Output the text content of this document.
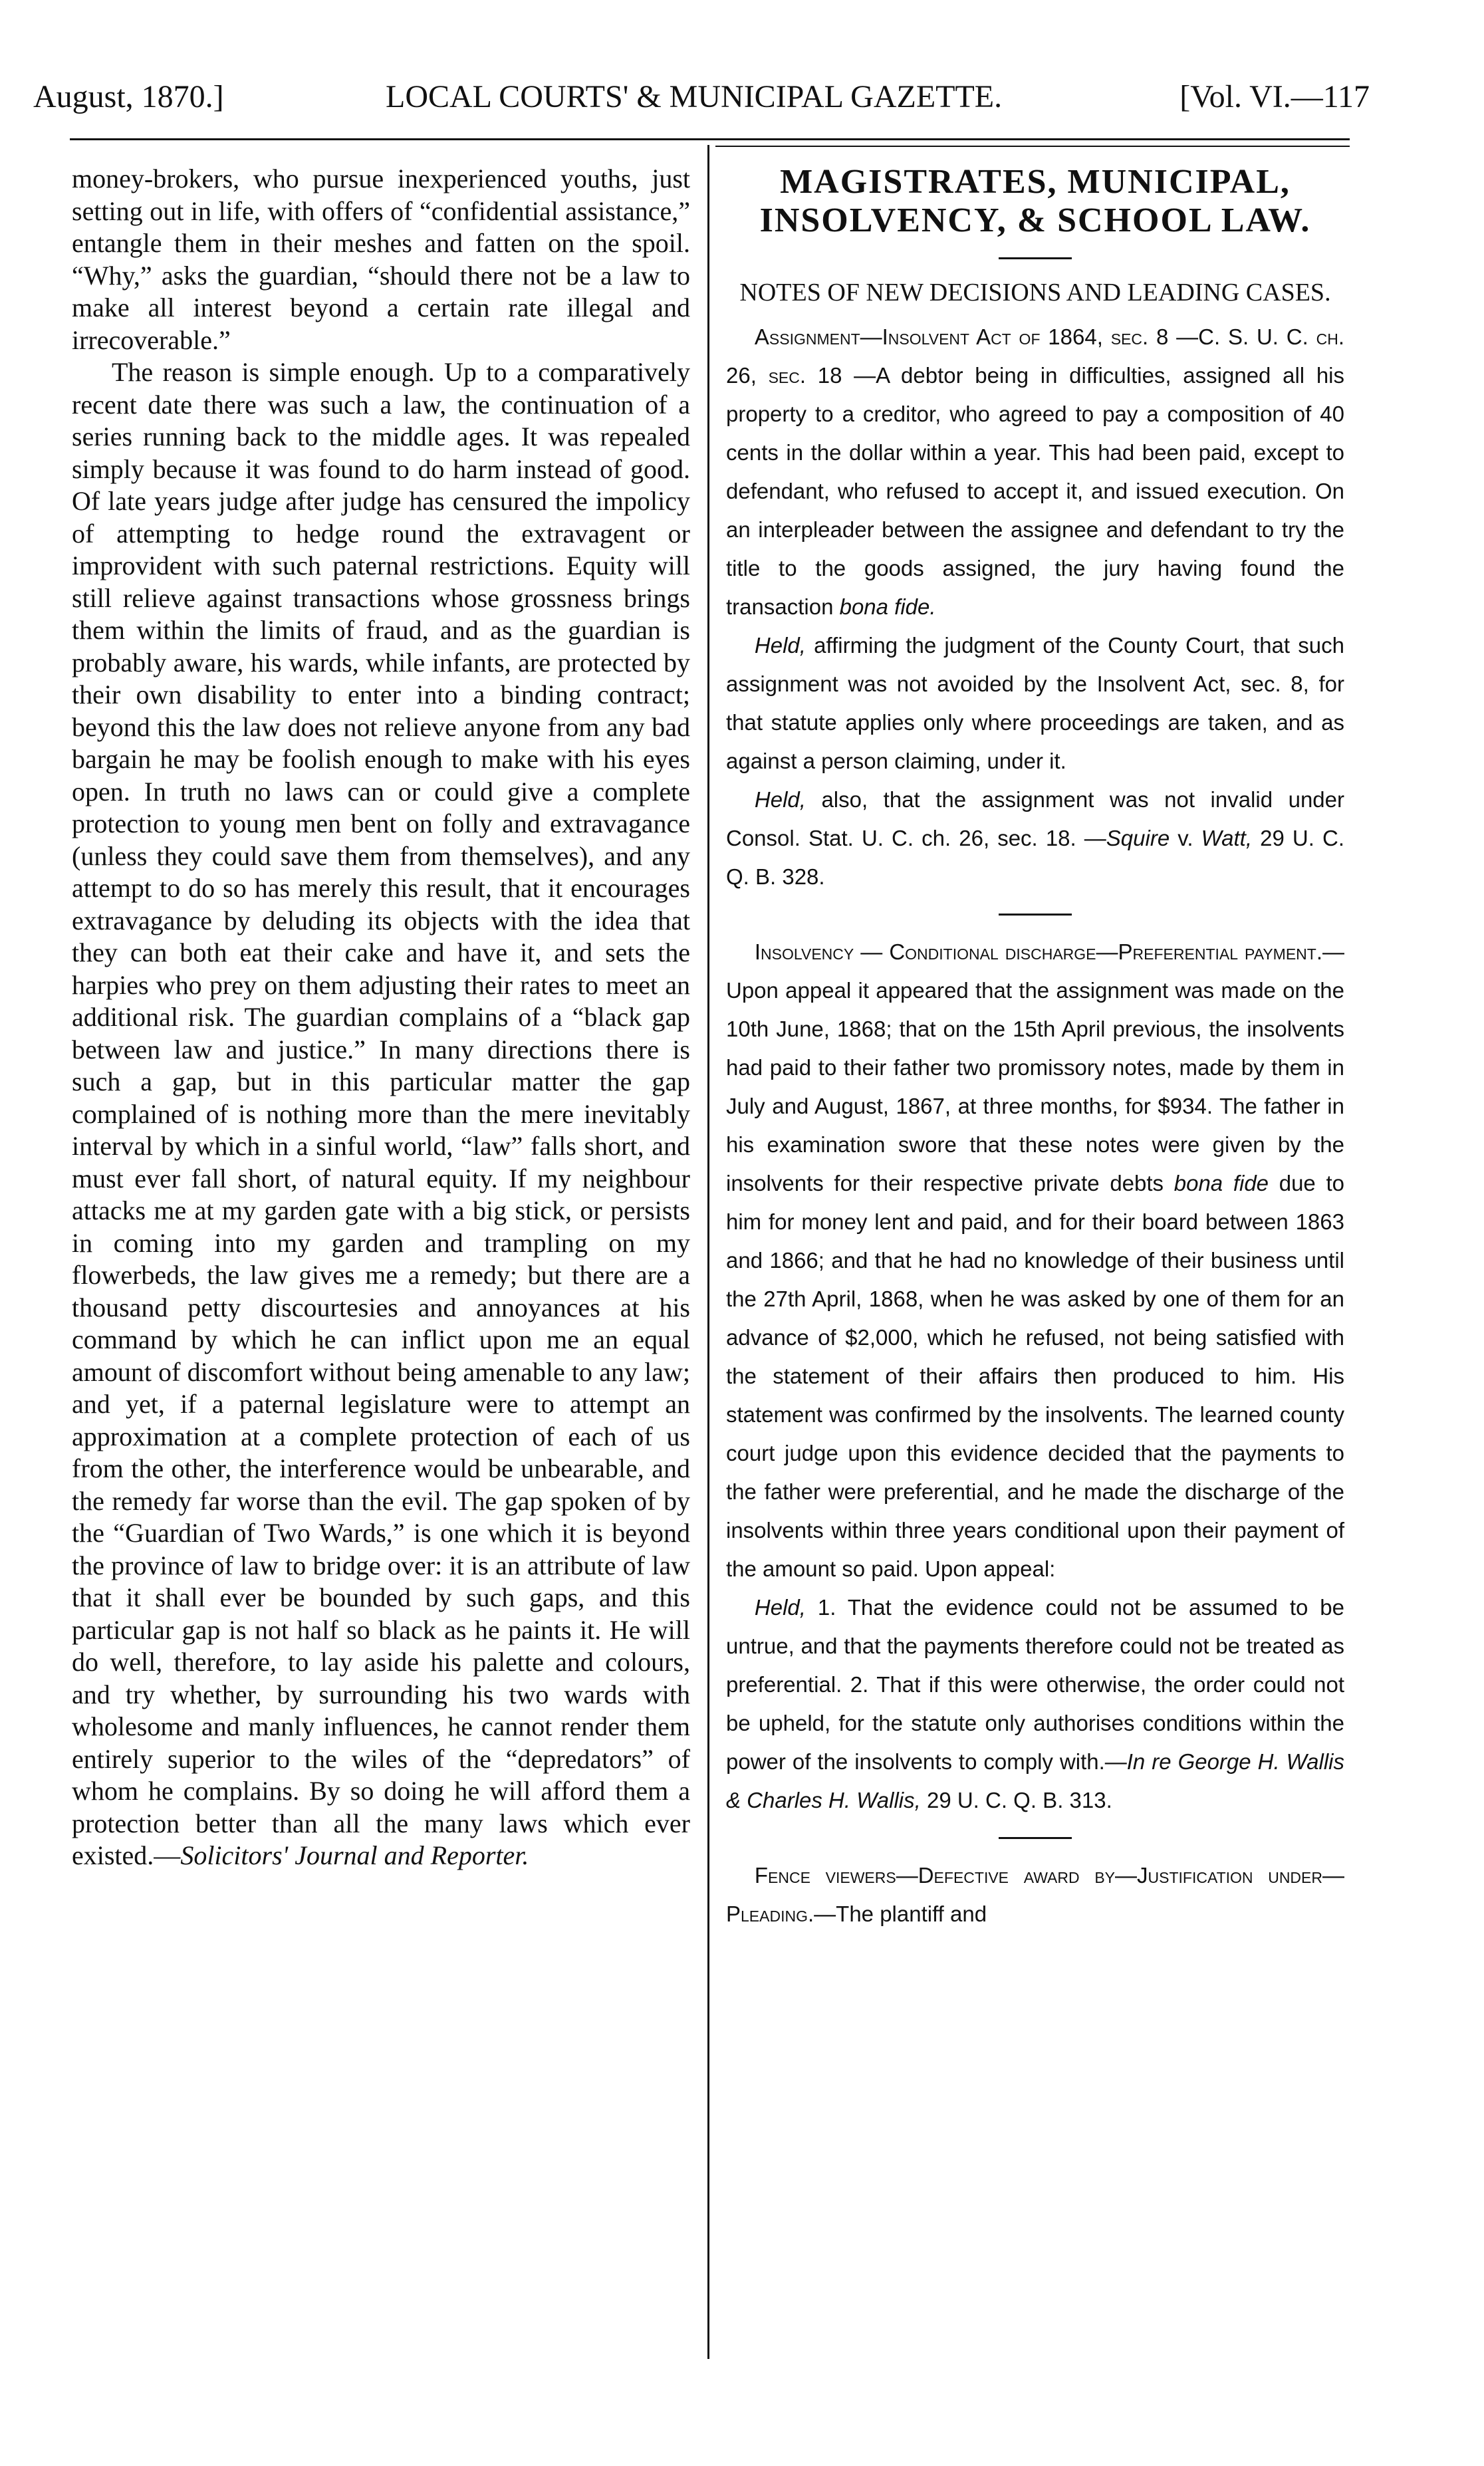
August, 1870.]	LOCAL COURTS' & MUNICIPAL GAZETTE.	[Vol. VI.—117

money-brokers, who pursue inexperienced youths, just setting out in life, with offers of “confidential assistance,” entangle them in their meshes and fatten on the spoil. “Why,” asks the guardian, “should there not be a law to make all interest beyond a certain rate illegal and irrecoverable.”

The reason is simple enough. Up to a comparatively recent date there was such a law, the continuation of a series running back to the middle ages. It was repealed simply because it was found to do harm instead of good. Of late years judge after judge has censured the impolicy of attempting to hedge round the extravagent or improvident with such paternal restrictions. Equity will still relieve against transactions whose grossness brings them within the limits of fraud, and as the guardian is probably aware, his wards, while infants, are protected by their own disability to enter into a binding contract; beyond this the law does not relieve anyone from any bad bargain he may be foolish enough to make with his eyes open. In truth no laws can or could give a complete protection to young men bent on folly and extravagance (unless they could save them from themselves), and any attempt to do so has merely this result, that it encourages extravagance by deluding its objects with the idea that they can both eat their cake and have it, and sets the harpies who prey on them adjusting their rates to meet an additional risk. The guardian complains of a “black gap between law and justice.” In many directions there is such a gap, but in this particular matter the gap complained of is nothing more than the mere inevitably interval by which in a sinful world, “law” falls short, and must ever fall short, of natural equity. If my neighbour attacks me at my garden gate with a big stick, or persists in coming into my garden and trampling on my flowerbeds, the law gives me a remedy; but there are a thousand petty discourtesies and annoyances at his command by which he can inflict upon me an equal amount of discomfort without being amenable to any law; and yet, if a paternal legislature were to attempt an approximation at a complete protection of each of us from the other, the interference would be unbearable, and the remedy far worse than the evil. The gap spoken of by the “Guardian of Two Wards,” is one which it is beyond the province of law to bridge over: it is an attribute of law that it shall ever be bounded by such gaps, and this particular gap is not half so black as he paints it. He will do well, therefore, to lay aside his palette and colours, and try whether, by surrounding his two wards with wholesome and manly influences, he cannot render them entirely superior to the wiles of the “depredators” of whom he complains. By so doing he will afford them a protection better than all the many laws which ever existed.—Solicitors' Journal and Reporter.

MAGISTRATES, MUNICIPAL, INSOLVENCY, & SCHOOL LAW.

NOTES OF NEW DECISIONS AND LEADING CASES.

Assignment—Insolvent Act of 1864, sec. 8 —C. S. U. C. ch. 26, sec. 18 —A debtor being in difficulties, assigned all his property to a creditor, who agreed to pay a composition of 40 cents in the dollar within a year. This had been paid, except to defendant, who refused to accept it, and issued execution. On an interpleader between the assignee and defendant to try the title to the goods assigned, the jury having found the transaction bona fide.

Held, affirming the judgment of the County Court, that such assignment was not avoided by the Insolvent Act, sec. 8, for that statute applies only where proceedings are taken, and as against a person claiming, under it.

Held, also, that the assignment was not invalid under Consol. Stat. U. C. ch. 26, sec. 18. —Squire v. Watt, 29 U. C. Q. B. 328.

Insolvency — Conditional discharge—Preferential payment.—Upon appeal it appeared that the assignment was made on the 10th June, 1868; that on the 15th April previous, the insolvents had paid to their father two promissory notes, made by them in July and August, 1867, at three months, for $934. The father in his examination swore that these notes were given by the insolvents for their respective private debts bona fide due to him for money lent and paid, and for their board between 1863 and 1866; and that he had no knowledge of their business until the 27th April, 1868, when he was asked by one of them for an advance of $2,000, which he refused, not being satisfied with the statement of their affairs then produced to him. His statement was confirmed by the insolvents. The learned county court judge upon this evidence decided that the payments to the father were preferential, and he made the discharge of the insolvents within three years conditional upon their payment of the amount so paid. Upon appeal:

Held, 1. That the evidence could not be assumed to be untrue, and that the payments therefore could not be treated as preferential. 2. That if this were otherwise, the order could not be upheld, for the statute only authorises conditions within the power of the insolvents to comply with.—In re George H. Wallis & Charles H. Wallis, 29 U. C. Q. B. 313.

Fence viewers—Defective award by—Justification under—Pleading.—The plantiff and
